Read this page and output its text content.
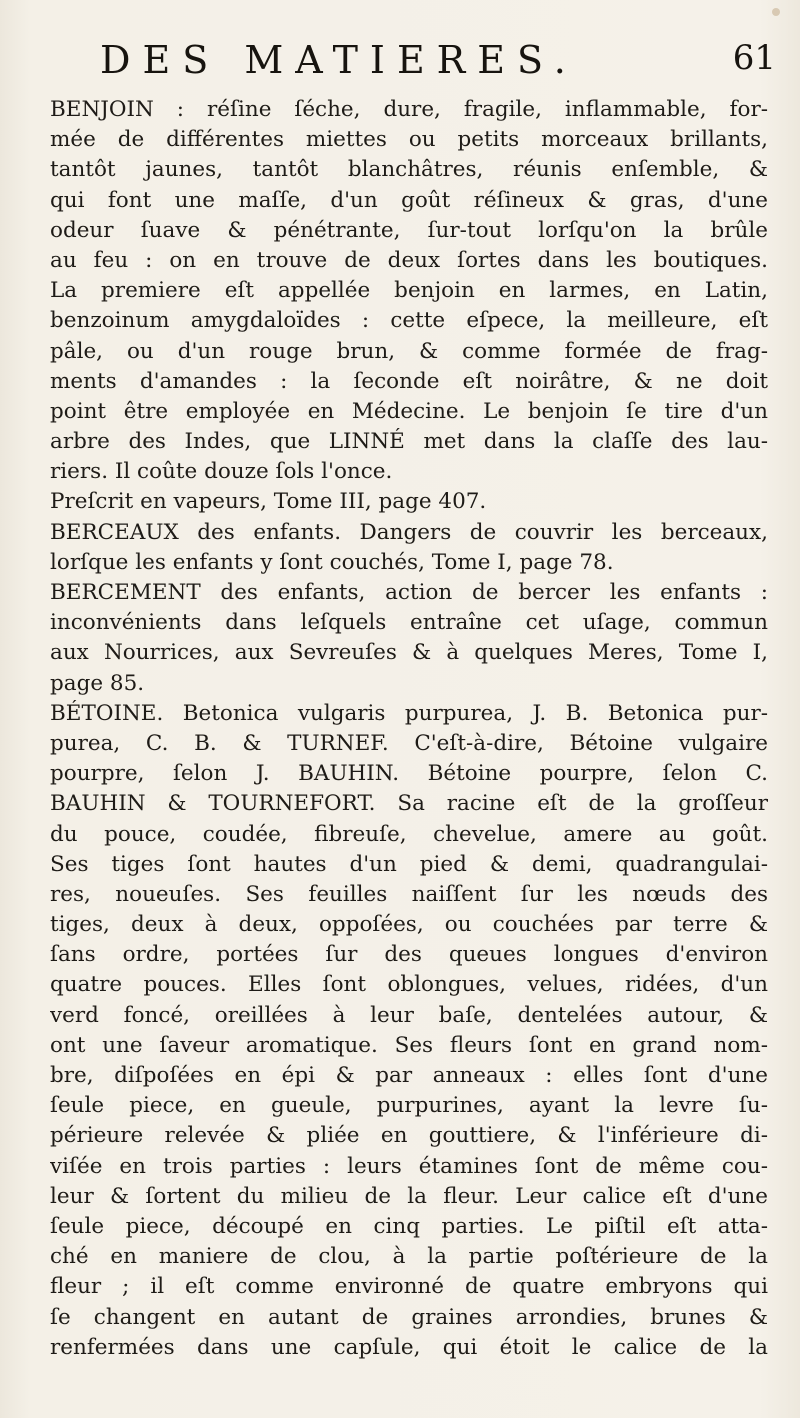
DES MATIERES.	61
BENJOIN : réſine ſéche, dure, fragile, inflammable, for-
mée de différentes miettes ou petits morceaux brillants,
tantôt jaunes, tantôt blanchâtres, réunis enſemble, &
qui font une maſſe, d'un goût réſineux & gras, d'une
odeur ſuave & pénétrante, ſur-tout lorſqu'on la brûle
au feu : on en trouve de deux ſortes dans les boutiques.
La premiere eſt appellée benjoin en larmes, en Latin,
benzoinum amygdaloïdes : cette eſpece, la meilleure, eſt
pâle, ou d'un rouge brun, & comme formée de frag-
ments d'amandes : la ſeconde eſt noirâtre, & ne doit
point être employée en Médecine. Le benjoin ſe tire d'un
arbre des Indes, que LINNÉ met dans la claſſe des lau-
riers. Il coûte douze ſols l'once.
Preſcrit en vapeurs, Tome III, page 407.
BERCEAUX des enfants. Dangers de couvrir les berceaux,
lorſque les enfants y ſont couchés, Tome I, page 78.
BERCEMENT des enfants, action de bercer les enfants :
inconvénients dans leſquels entraîne cet uſage, commun
aux Nourrices, aux Sevreuſes & à quelques Meres, Tome I,
page 85.
BÉTOINE. Betonica vulgaris purpurea, J. B. Betonica pur-
purea, C. B. & TURNEF. C'eſt-à-dire, Bétoine vulgaire
pourpre, ſelon J. BAUHIN. Bétoine pourpre, ſelon C.
BAUHIN & TOURNEFORT. Sa racine eſt de la groſſeur
du pouce, coudée, fibreuſe, chevelue, amere au goût.
Ses tiges ſont hautes d'un pied & demi, quadrangulai-
res, noueuſes. Ses feuilles naiſſent ſur les nœuds des
tiges, deux à deux, oppoſées, ou couchées par terre &
ſans ordre, portées ſur des queues longues d'environ
quatre pouces. Elles ſont oblongues, velues, ridées, d'un
verd foncé, oreillées à leur baſe, dentelées autour, &
ont une ſaveur aromatique. Ses fleurs ſont en grand nom-
bre, diſpoſées en épi & par anneaux : elles ſont d'une
ſeule piece, en gueule, purpurines, ayant la levre ſu-
périeure relevée & pliée en gouttiere, & l'inférieure di-
viſée en trois parties : leurs étamines ſont de même cou-
leur & ſortent du milieu de la fleur. Leur calice eſt d'une
ſeule piece, découpé en cinq parties. Le piſtil eſt atta-
ché en maniere de clou, à la partie poſtérieure de la
fleur ; il eſt comme environné de quatre embryons qui
ſe changent en autant de graines arrondies, brunes &
renfermées dans une capſule, qui étoit le calice de la
